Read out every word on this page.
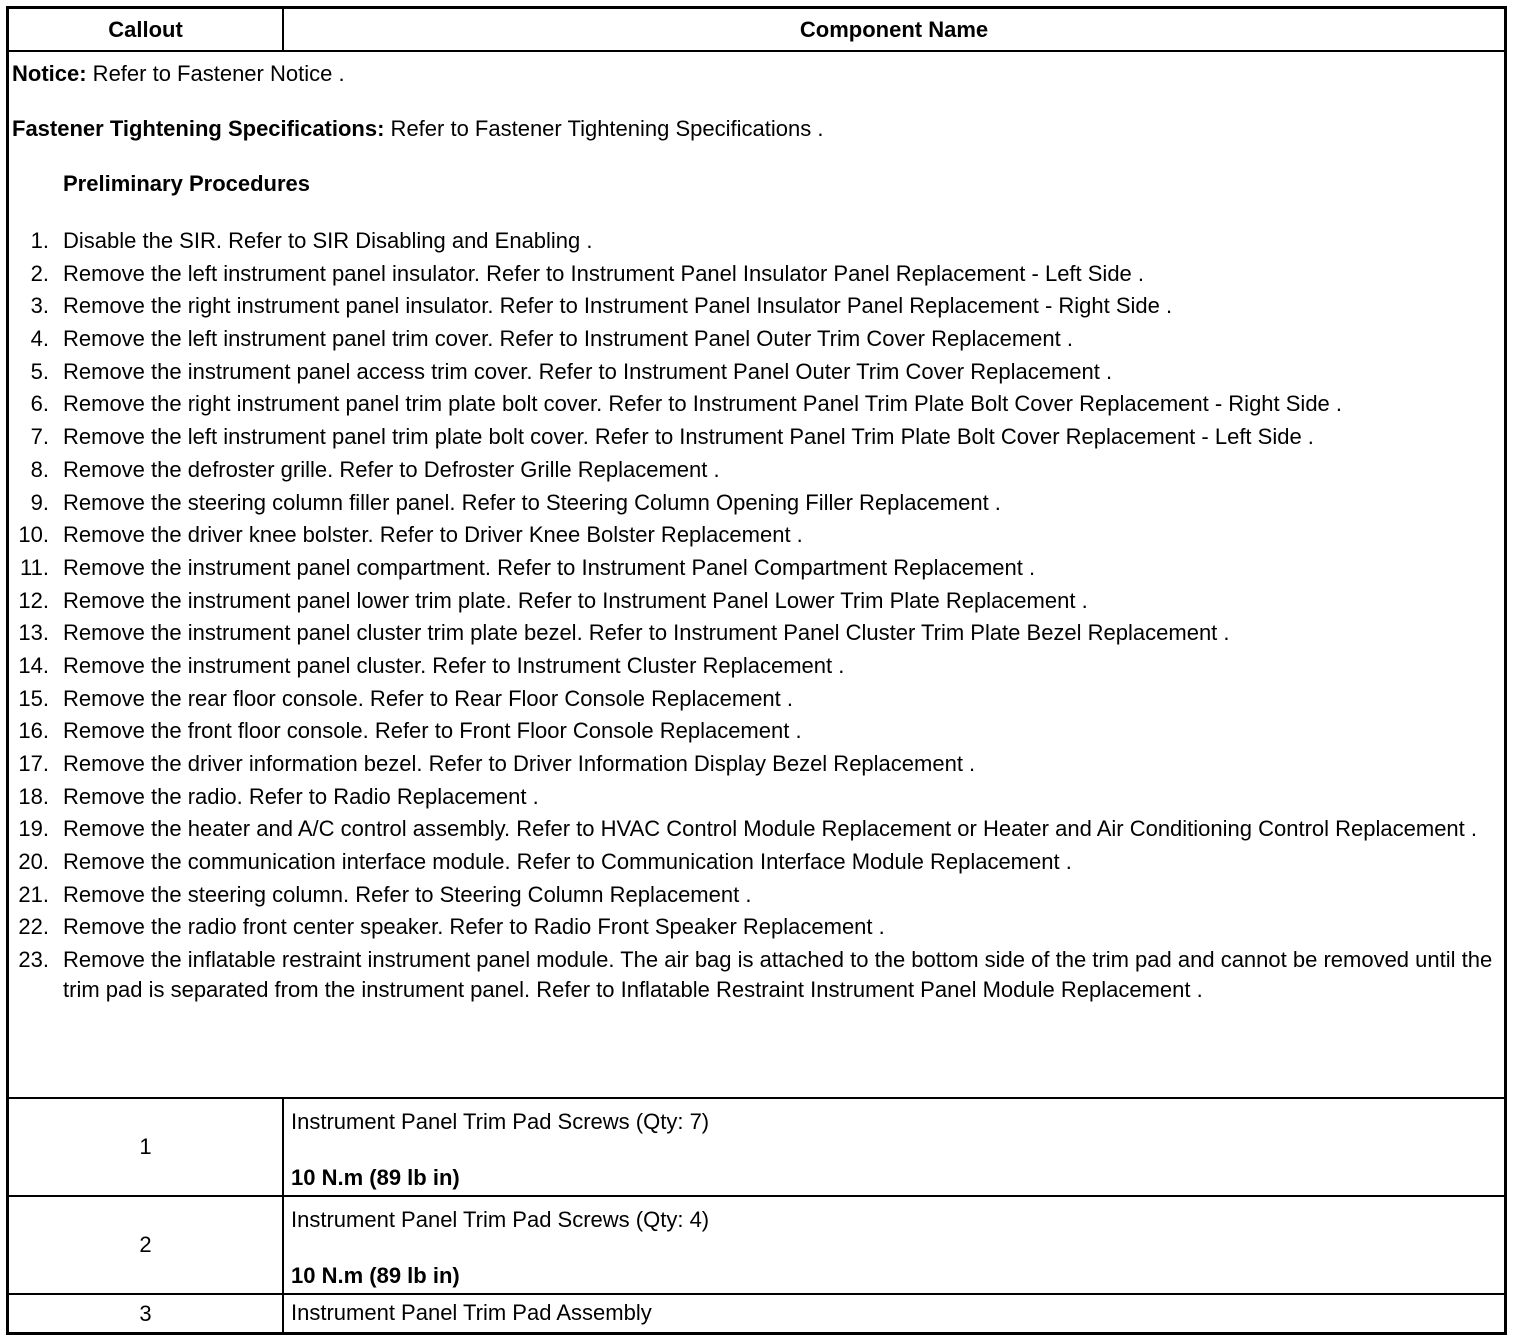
Callout	Component Name
Notice: Refer to Fastener Notice .
Fastener Tightening Specifications: Refer to Fastener Tightening Specifications .
Preliminary Procedures
1. Disable the SIR. Refer to SIR Disabling and Enabling .
2. Remove the left instrument panel insulator. Refer to Instrument Panel Insulator Panel Replacement - Left Side .
3. Remove the right instrument panel insulator. Refer to Instrument Panel Insulator Panel Replacement - Right Side .
4. Remove the left instrument panel trim cover. Refer to Instrument Panel Outer Trim Cover Replacement .
5. Remove the instrument panel access trim cover. Refer to Instrument Panel Outer Trim Cover Replacement .
6. Remove the right instrument panel trim plate bolt cover. Refer to Instrument Panel Trim Plate Bolt Cover Replacement - Right Side .
7. Remove the left instrument panel trim plate bolt cover. Refer to Instrument Panel Trim Plate Bolt Cover Replacement - Left Side .
8. Remove the defroster grille. Refer to Defroster Grille Replacement .
9. Remove the steering column filler panel. Refer to Steering Column Opening Filler Replacement .
10. Remove the driver knee bolster. Refer to Driver Knee Bolster Replacement .
11. Remove the instrument panel compartment. Refer to Instrument Panel Compartment Replacement .
12. Remove the instrument panel lower trim plate. Refer to Instrument Panel Lower Trim Plate Replacement .
13. Remove the instrument panel cluster trim plate bezel. Refer to Instrument Panel Cluster Trim Plate Bezel Replacement .
14. Remove the instrument panel cluster. Refer to Instrument Cluster Replacement .
15. Remove the rear floor console. Refer to Rear Floor Console Replacement .
16. Remove the front floor console. Refer to Front Floor Console Replacement .
17. Remove the driver information bezel. Refer to Driver Information Display Bezel Replacement .
18. Remove the radio. Refer to Radio Replacement .
19. Remove the heater and A/C control assembly. Refer to HVAC Control Module Replacement or Heater and Air Conditioning Control Replacement .
20. Remove the communication interface module. Refer to Communication Interface Module Replacement .
21. Remove the steering column. Refer to Steering Column Replacement .
22. Remove the radio front center speaker. Refer to Radio Front Speaker Replacement .
23. Remove the inflatable restraint instrument panel module. The air bag is attached to the bottom side of the trim pad and cannot be removed until the trim pad is separated from the instrument panel. Refer to Inflatable Restraint Instrument Panel Module Replacement .
1
Instrument Panel Trim Pad Screws (Qty: 7)
10 N.m (89 lb in)
2
Instrument Panel Trim Pad Screws (Qty: 4)
10 N.m (89 lb in)
3	Instrument Panel Trim Pad Assembly
